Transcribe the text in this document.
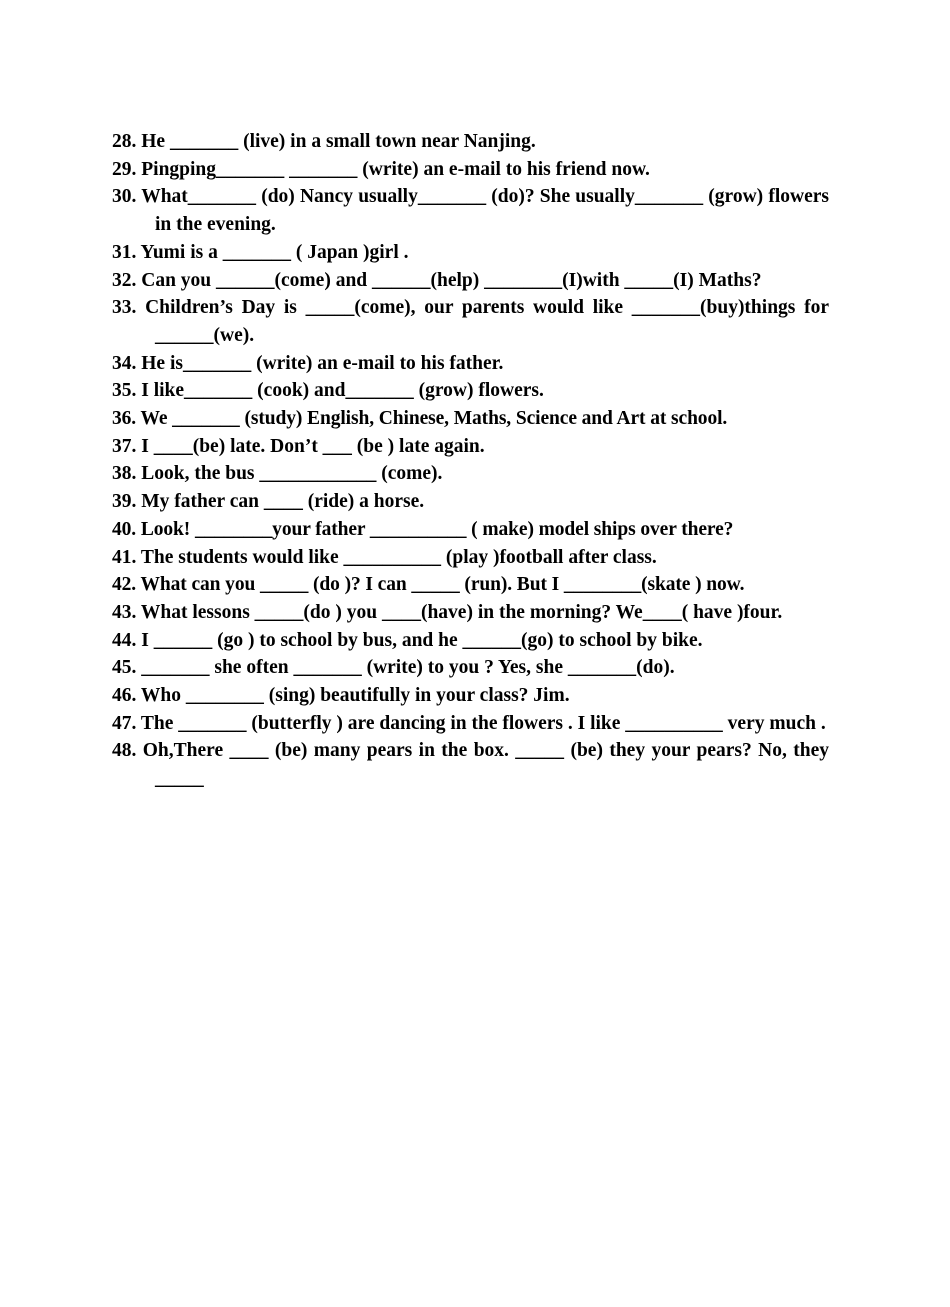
28. He _______ (live) in a small town near Nanjing.
29. Pingping_______ _______ (write) an e-mail to his friend now.
30. What_______ (do) Nancy usually_______ (do)? She usually_______ (grow) flowers in the evening.
31. Yumi is a _______ ( Japan )girl .
32. Can you ______(come) and ______(help) ________(I)with _____(I) Maths?
33. Children’s Day is _____(come), our parents would like _______(buy)things for ______(we).
34. He is_______ (write) an e-mail to his father.
35. I like_______ (cook) and_______ (grow) flowers.
36. We _______ (study) English, Chinese, Maths, Science and Art at school.
37. I ____(be) late. Don’t ___ (be ) late again.
38. Look, the bus ____________ (come).
39. My father can ____ (ride) a horse.
40. Look! ________your father __________ ( make) model ships over there?
41. The students would like __________ (play )football after class.
42. What can you _____ (do )? I can _____ (run). But I ________(skate ) now.
43. What lessons _____(do ) you ____(have) in the morning? We____( have )four.
44. I ______ (go ) to school by bus, and he ______(go) to school by bike.
45. _______ she often _______ (write) to you ? Yes, she _______(do).
46. Who ________ (sing) beautifully in your class? Jim.
47. The _______ (butterfly ) are dancing in the flowers . I like __________ very much .
48. Oh,There ____ (be) many pears in the box. _____ (be) they your pears? No, they _____
